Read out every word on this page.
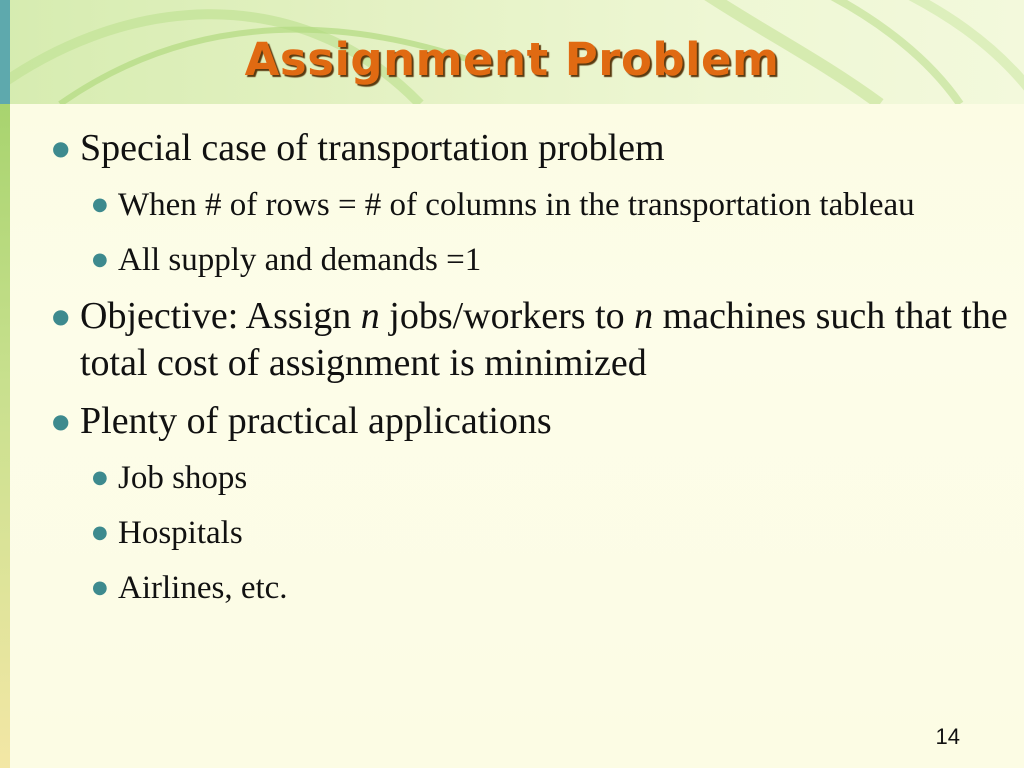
Assignment Problem
● Special case of transportation problem
● When # of rows = # of columns in the transportation tableau
● All supply and demands =1
● Objective: Assign n jobs/workers to n machines such that the total cost of assignment is minimized
● Plenty of practical applications
● Job shops
● Hospitals
● Airlines, etc.
14
